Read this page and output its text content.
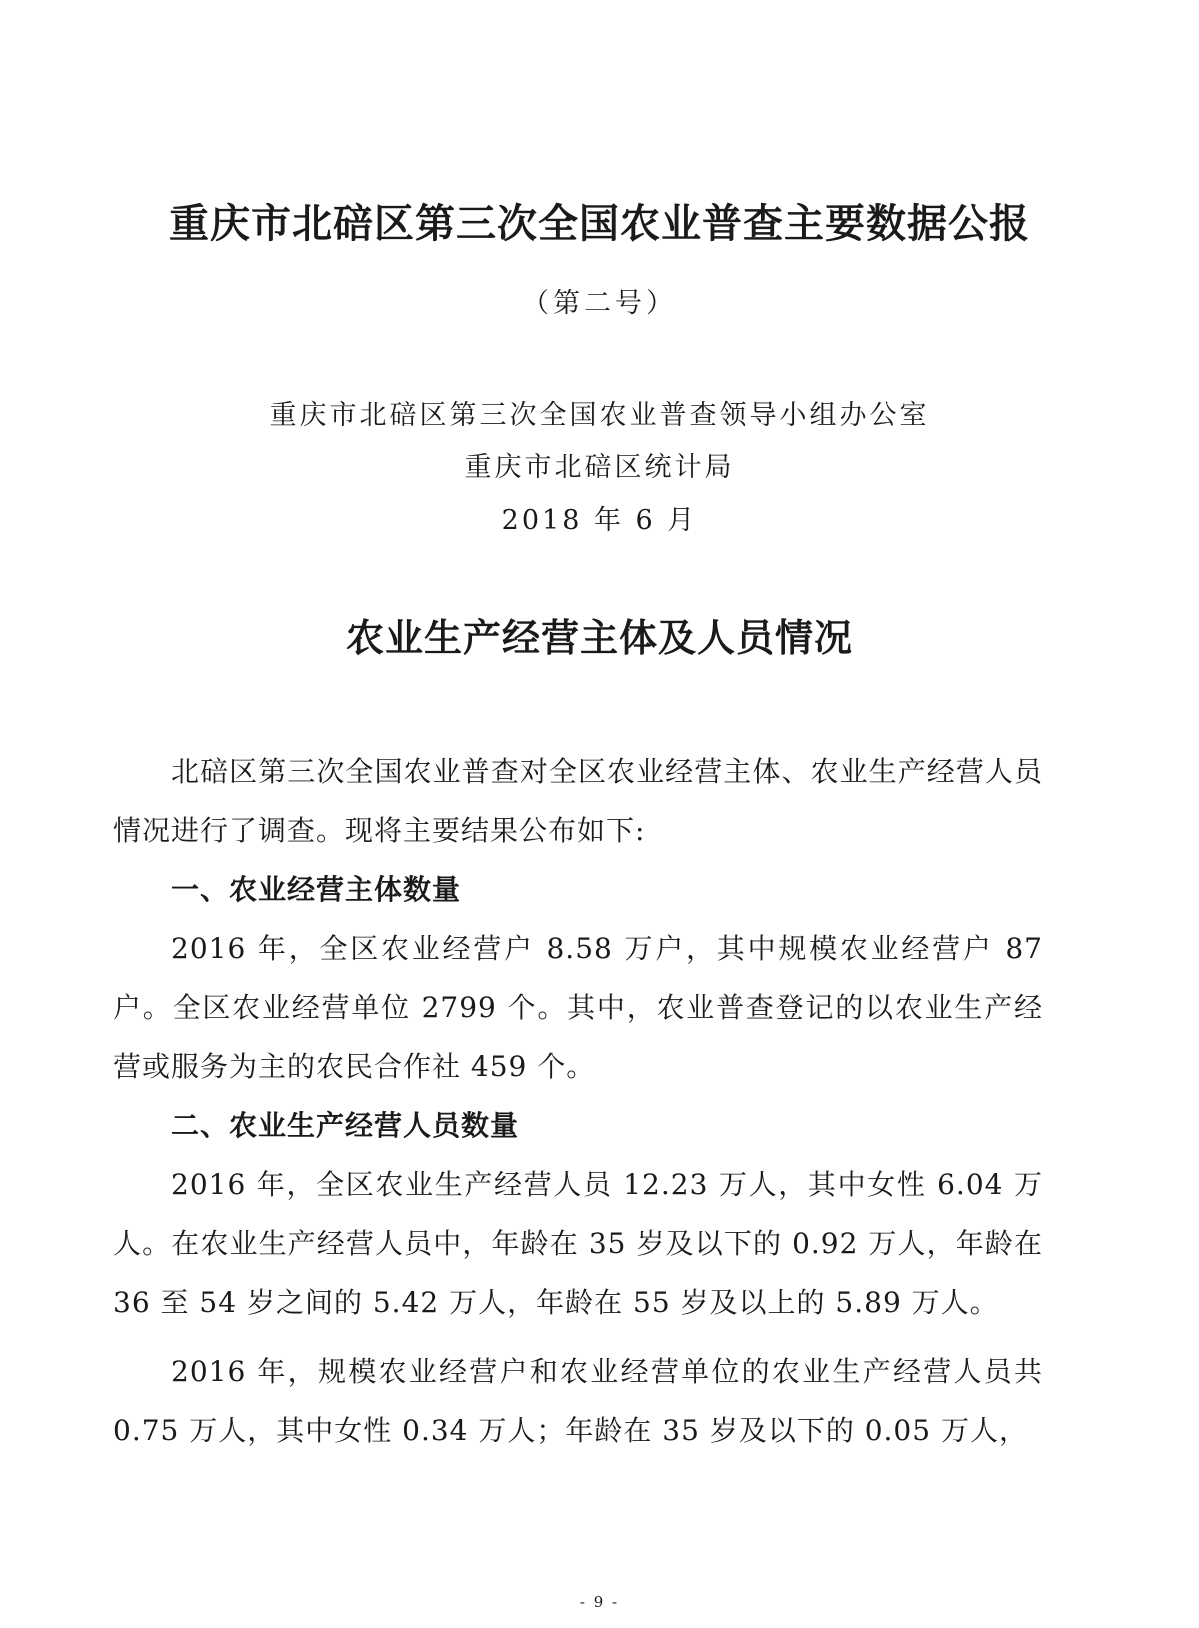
重庆市北碚区第三次全国农业普查主要数据公报
（第二号）
重庆市北碚区第三次全国农业普查领导小组办公室
重庆市北碚区统计局
2018 年 6 月
农业生产经营主体及人员情况

北碚区第三次全国农业普查对全区农业经营主体、农业生产经营人员情况进行了调查。现将主要结果公布如下:

一、农业经营主体数量

2016 年，全区农业经营户 8.58 万户，其中规模农业经营户 87 户。全区农业经营单位 2799 个。其中，农业普查登记的以农业生产经营或服务为主的农民合作社 459 个。

二、农业生产经营人员数量

2016 年，全区农业生产经营人员 12.23 万人，其中女性 6.04 万人。在农业生产经营人员中，年龄在 35 岁及以下的 0.92 万人，年龄在 36 至 54 岁之间的 5.42 万人，年龄在 55 岁及以上的 5.89 万人。

2016 年，规模农业经营户和农业经营单位的农业生产经营人员共 0.75 万人，其中女性 0.34 万人；年龄在 35 岁及以下的 0.05 万人，

- 9 -
